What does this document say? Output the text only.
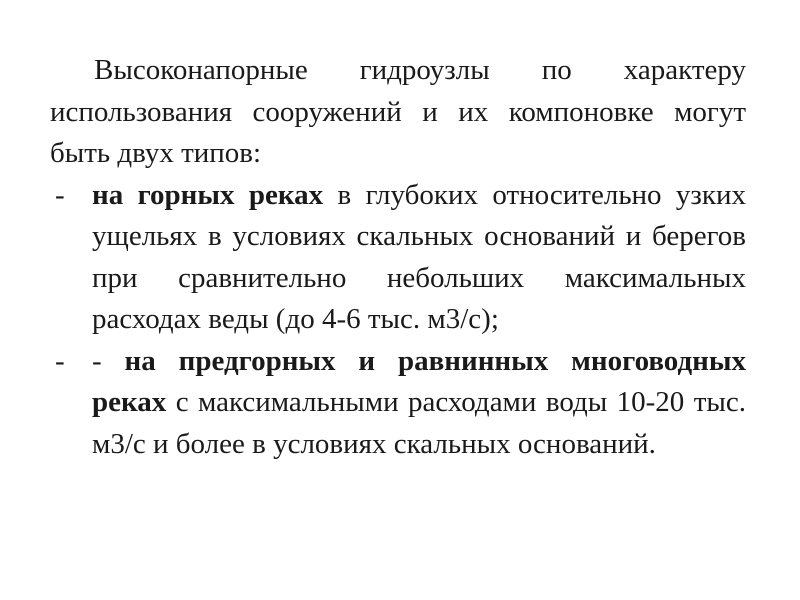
Высоконапорные гидроузлы по характеру использования сооружений и их компоновке могут быть двух типов:

- на горных реках в глубоких относительно узких ущельях в условиях скальных оснований и берегов при сравнительно небольших максимальных расходах веды (до 4-6 тыс. м3/с);
- - на предгорных и равнинных многоводных реках с максимальными расходами воды 10-20 тыс. м3/с и более в условиях скальных оснований.
